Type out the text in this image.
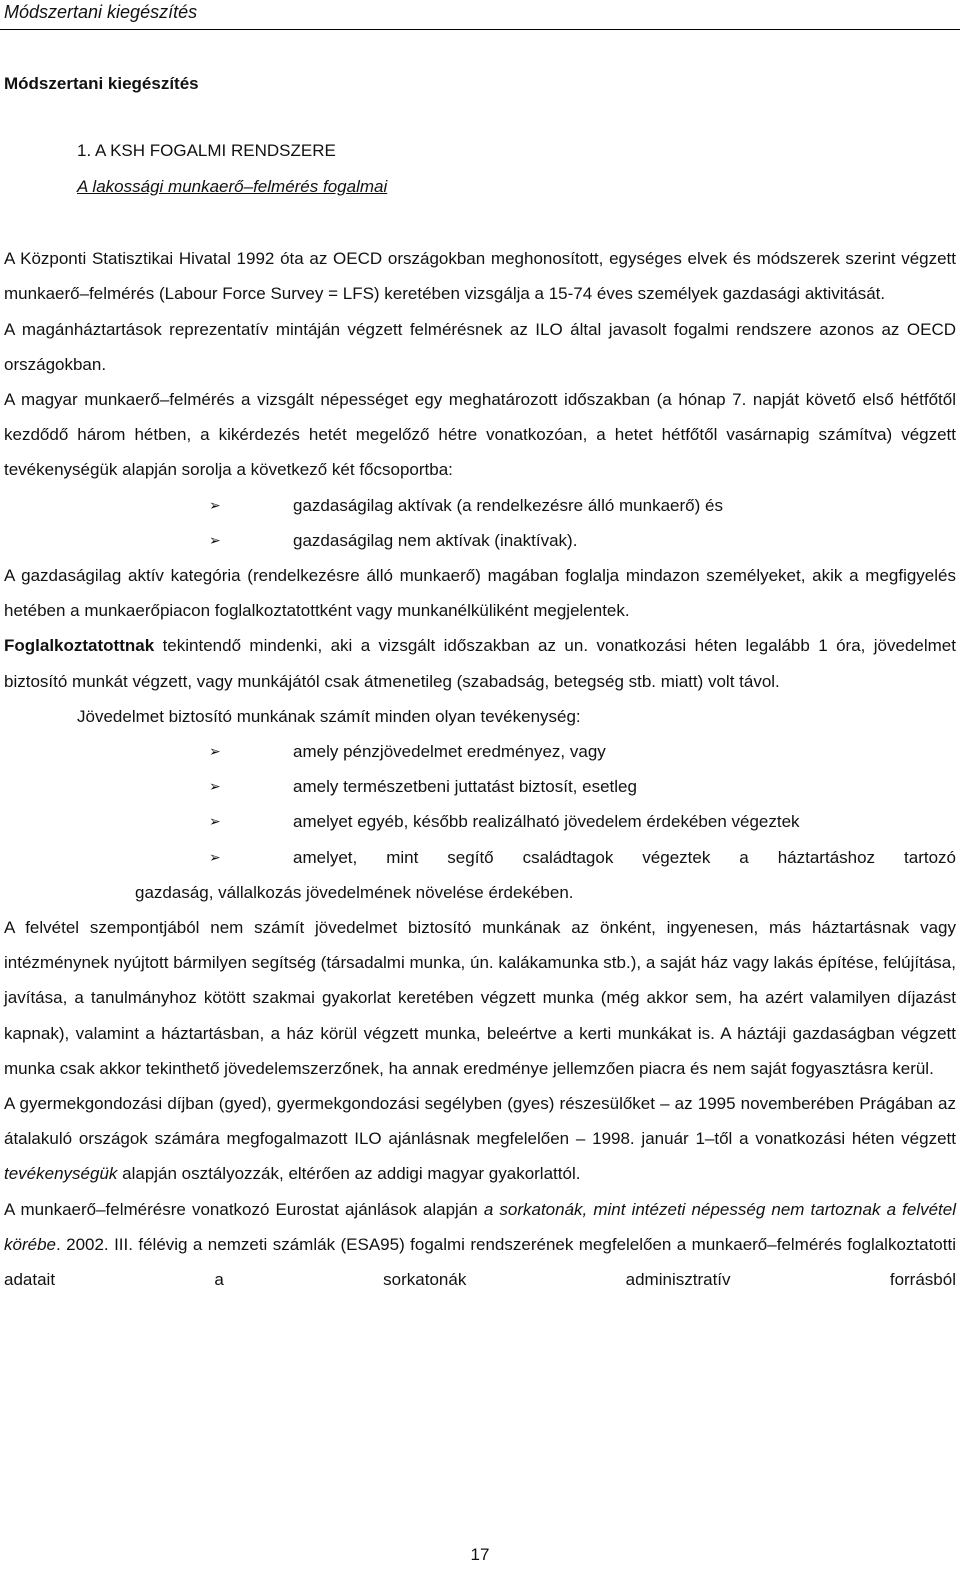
Módszertani kiegészítés

Módszertani kiegészítés

1. A KSH FOGALMI RENDSZERE
A lakossági munkaerő–felmérés fogalmai

A Központi Statisztikai Hivatal 1992 óta az OECD országokban meghonosított, egységes elvek és módszerek szerint végzett munkaerő–felmérés (Labour Force Survey = LFS) keretében vizsgálja a 15-74 éves személyek gazdasági aktivitását.

A magánháztartások reprezentatív mintáján végzett felmérésnek az ILO által javasolt fogalmi rendszere azonos az OECD országokban.

A magyar munkaerő–felmérés a vizsgált népességet egy meghatározott időszakban (a hónap 7. napját követő első hétfőtől kezdődő három hétben, a kikérdezés hetét megelőző hétre vonatkozóan, a hetet hétfőtől vasárnapig számítva) végzett tevékenységük alapján sorolja a következő két főcsoportba:

➢	gazdaságilag aktívak (a rendelkezésre álló munkaerő) és
➢	gazdaságilag nem aktívak (inaktívak).

A gazdaságilag aktív kategória (rendelkezésre álló munkaerő) magában foglalja mindazon személyeket, akik a megfigyelés hetében a munkaerőpiacon foglalkoztatottként vagy munkanélküliként megjelentek.

Foglalkoztatottnak tekintendő mindenki, aki a vizsgált időszakban az un. vonatkozási héten legalább 1 óra, jövedelmet biztosító munkát végzett, vagy munkájától csak átmenetileg (szabadság, betegség stb. miatt) volt távol.

Jövedelmet biztosító munkának számít minden olyan tevékenység:

➢	amely pénzjövedelmet eredményez, vagy
➢	amely természetbeni juttatást biztosít, esetleg
➢	amelyet egyéb, később realizálható jövedelem érdekében végeztek
➢	amelyet, mint segítő családtagok végeztek a háztartáshoz tartozó

gazdaság, vállalkozás jövedelmének növelése érdekében.

A felvétel szempontjából nem számít jövedelmet biztosító munkának az önként, ingyenesen, más háztartásnak vagy intézménynek nyújtott bármilyen segítség (társadalmi munka, ún. kalákamunka stb.), a saját ház vagy lakás építése, felújítása, javítása, a tanulmányhoz kötött szakmai gyakorlat keretében végzett munka (még akkor sem, ha azért valamilyen díjazást kapnak), valamint a háztartásban, a ház körül végzett munka, beleértve a kerti munkákat is. A háztáji gazdaságban végzett munka csak akkor tekinthető jövedelemszerzőnek, ha annak eredménye jellemzően piacra és nem saját fogyasztásra kerül.

A gyermekgondozási díjban (gyed), gyermekgondozási segélyben (gyes) részesülőket – az 1995 novemberében Prágában az átalakuló országok számára megfogalmazott ILO ajánlásnak megfelelően – 1998. január 1–től a vonatkozási héten végzett tevékenységük alapján osztályozzák, eltérően az addigi magyar gyakorlattól.

A munkaerő–felmérésre vonatkozó Eurostat ajánlások alapján a sorkatonák, mint intézeti népesség nem tartoznak a felvétel körébe. 2002. III. félévig a nemzeti számlák (ESA95) fogalmi rendszerének megfelelően a munkaerő–felmérés foglalkoztatotti adatait a sorkatonák adminisztratív forrásból

17
